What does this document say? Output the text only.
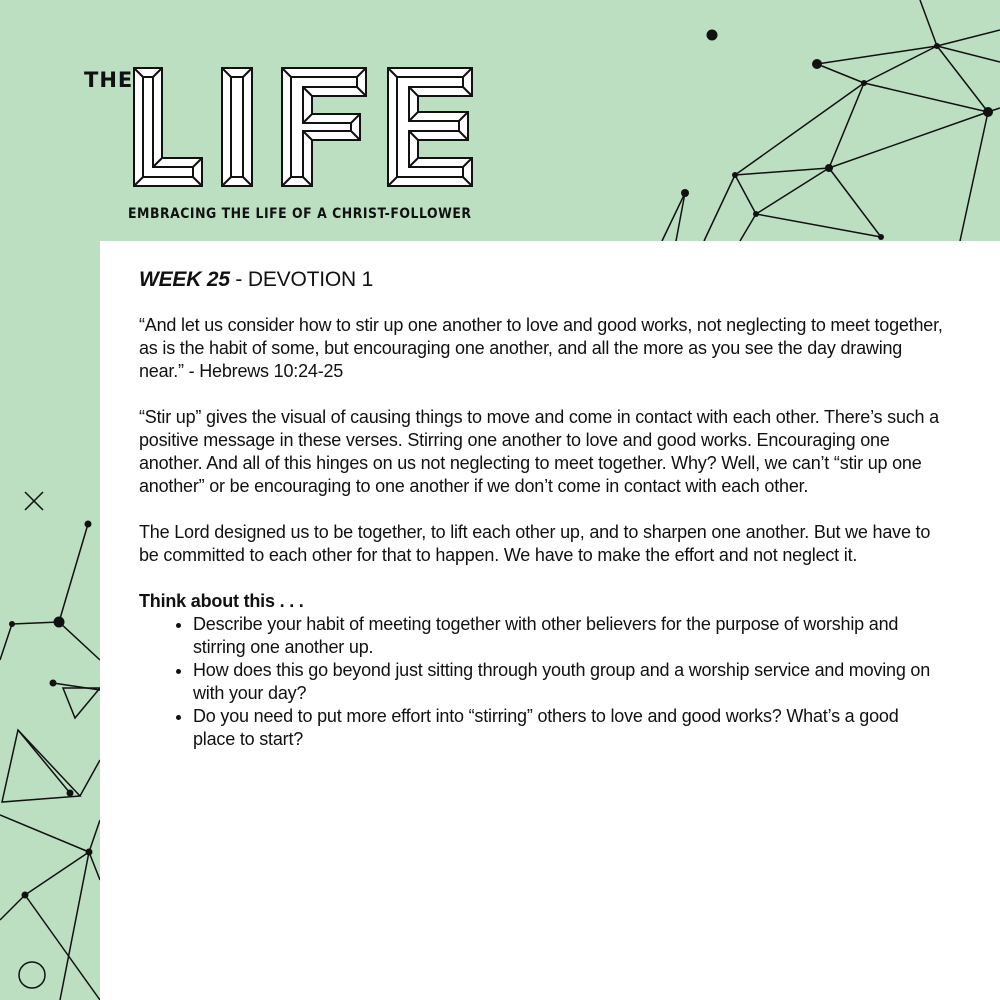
THE
EMBRACING THE LIFE OF A CHRIST-FOLLOWER
WEEK 25 - DEVOTION 1

“And let us consider how to stir up one another to love and good works, not neglecting to meet together, as is the habit of some, but encouraging one another, and all the more as you see the day drawing near.” - Hebrews 10:24-25

“Stir up” gives the visual of causing things to move and come in contact with each other. There’s such a positive message in these verses. Stirring one another to love and good works. Encouraging one another. And all of this hinges on us not neglecting to meet together. Why? Well, we can’t “stir up one another” or be encouraging to one another if we don’t come in contact with each other.

The Lord designed us to be together, to lift each other up, and to sharpen one another. But we have to be committed to each other for that to happen. We have to make the effort and not neglect it.

Think about this . . .

• Describe your habit of meeting together with other believers for the purpose of worship and stirring one another up.
• How does this go beyond just sitting through youth group and a worship service and moving on with your day?
• Do you need to put more effort into “stirring” others to love and good works? What’s a good place to start?
